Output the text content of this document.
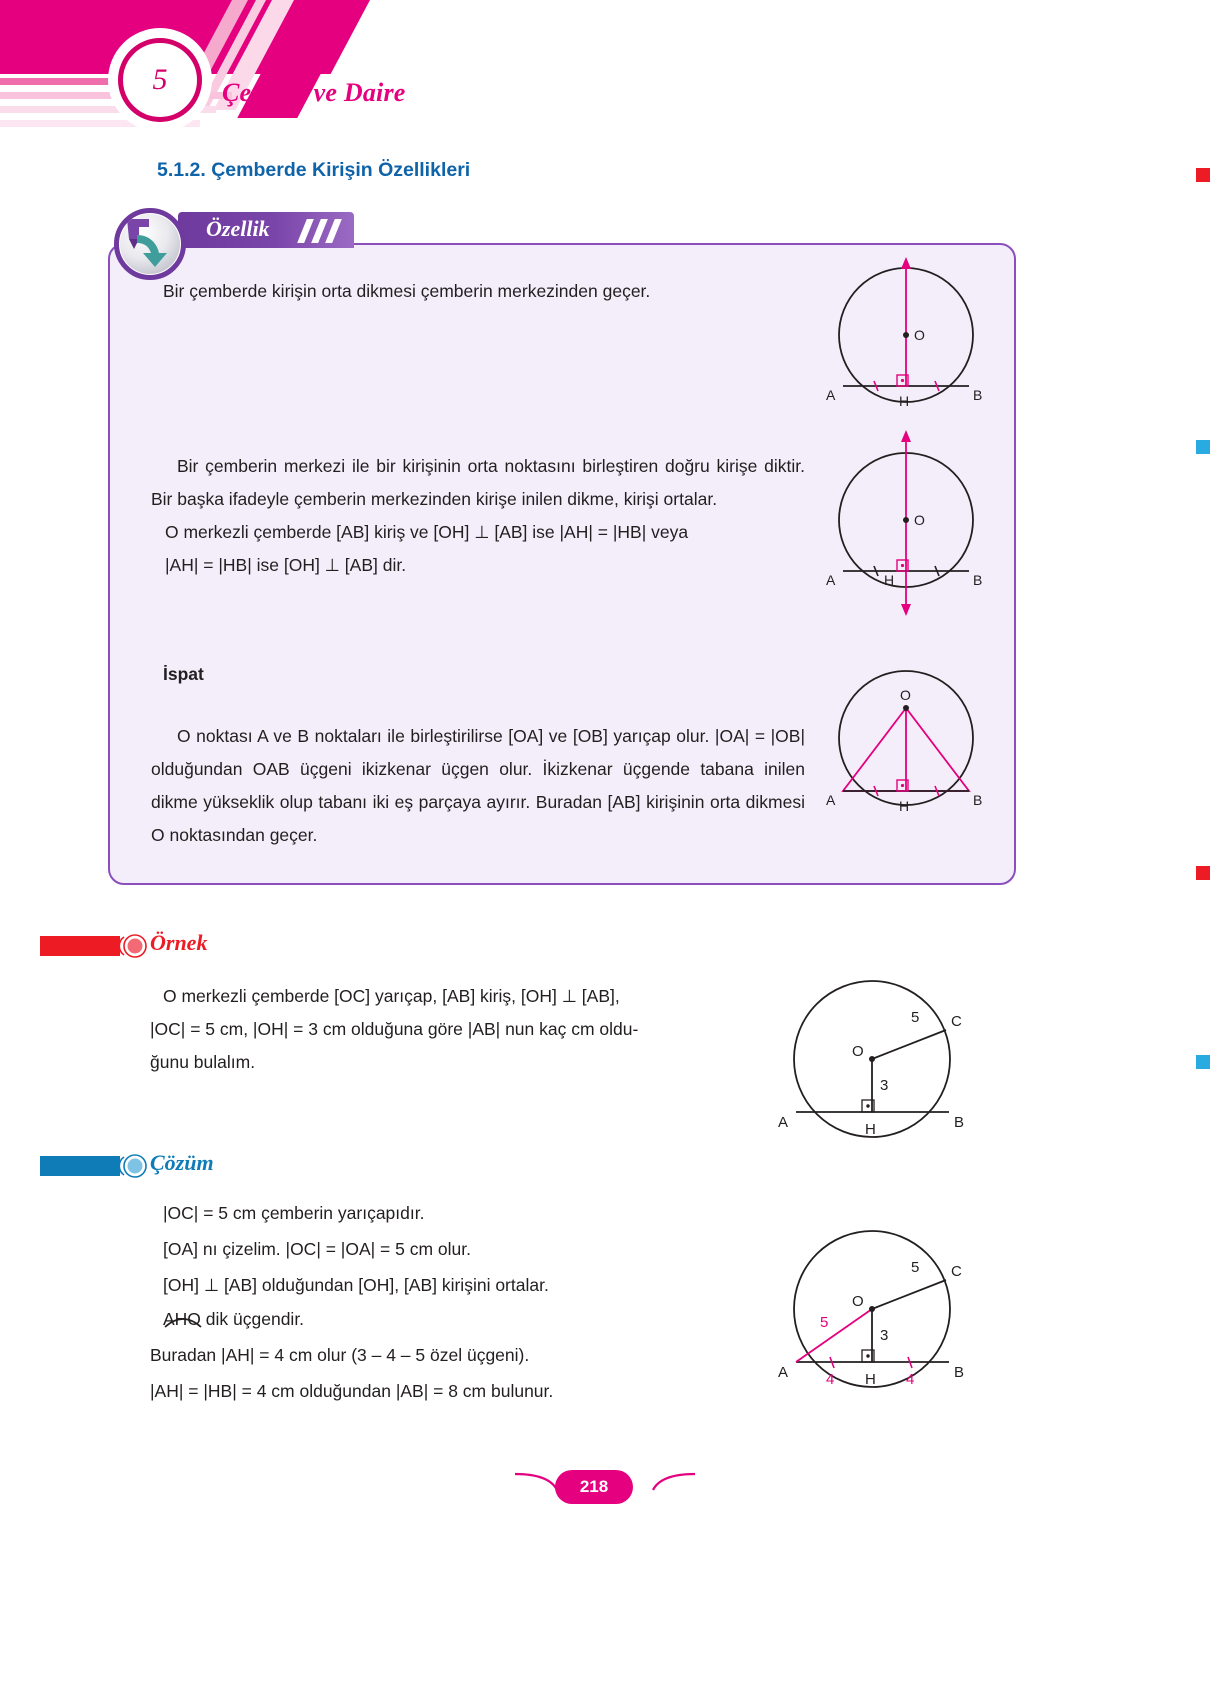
5	Çember ve Daire
5.1.2. Çemberde Kirişin Özellikleri
Özellik
Bir çemberde kirişin orta dikmesi çemberin merkezinden geçer.
O
A	H	B
Bir çemberin merkezi ile bir kirişinin orta noktasını birleştiren doğru kirişe diktir. Bir başka ifadeyle çemberin merkezinden kirişe inilen dikme, kirişi ortalar.
O merkezli çemberde [AB] kiriş ve [OH] ⊥ [AB] ise |AH| = |HB| veya
|AH| = |HB| ise [OH] ⊥ [AB] dir.
O
A	H	B
İspat
O noktası A ve B noktaları ile birleştirilirse [OA] ve [OB] yarıçap olur. |OA| = |OB| olduğundan OAB üçgeni ikizkenar üçgen olur. İkizkenar üçgende tabana inilen dikme yükseklik olup tabanı iki eş parçaya ayırır. Buradan [AB] kirişinin orta dikmesi O noktasından geçer.
O
A	H	B
Örnek
O merkezli çemberde [OC] yarıçap, [AB] kiriş, [OH] ⊥ [AB],
|OC| = 5 cm, |OH| = 3 cm olduğuna göre |AB| nun kaç cm oldu-
ğunu bulalım.
O
5
3
C
A	H	B
Çözüm
|OC| = 5 cm çemberin yarıçapıdır.
[OA] nı çizelim. |OC| = |OA| = 5 cm olur.
[OH] ⊥ [AB] olduğundan [OH], [AB] kirişini ortalar.
AHO dik üçgendir.
Buradan |AH| = 4 cm olur (3 – 4 – 5 özel üçgeni).
|AH| = |HB| = 4 cm olduğundan |AB| = 8 cm bulunur.
O
5
3
C
5
A	4 H 4	B
218
